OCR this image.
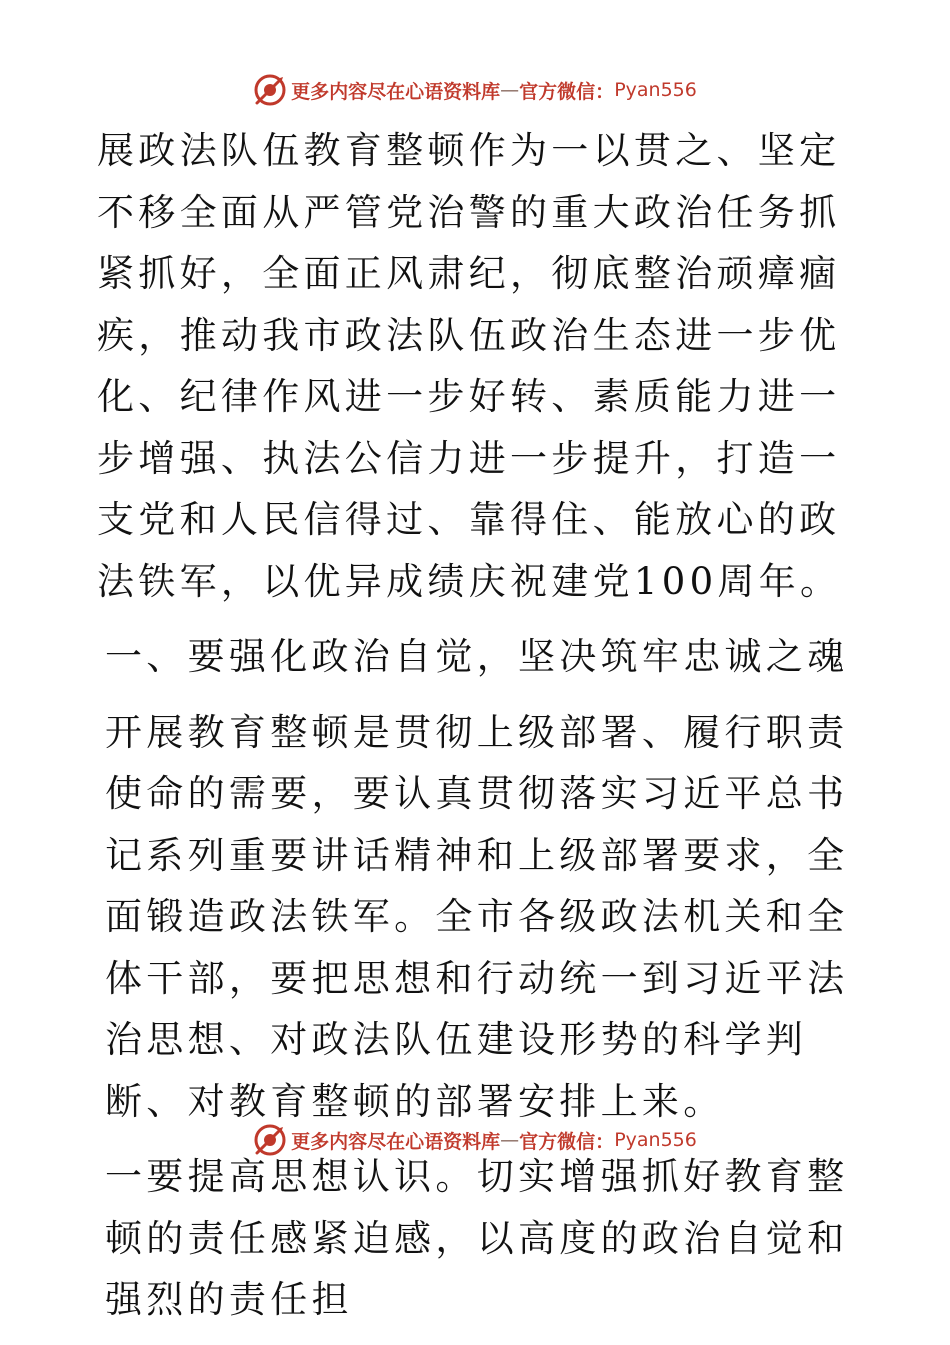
更多内容尽在心语资料库 — 官方微信： Pyan556

展政法队伍教育整顿作为一以贯之、坚定不移全面从严管党治警的重大政治任务抓紧抓好，全面正风肃纪，彻底整治顽瘴痼疾，推动我市政法队伍政治生态进一步优化、纪律作风进一步好转、素质能力进一步增强、执法公信力进一步提升，打造一支党和人民信得过、靠得住、能放心的政法铁军，以优异成绩庆祝建党100周年。

一、要强化政治自觉，坚决筑牢忠诚之魂

开展教育整顿是贯彻上级部署、履行职责使命的需要，要认真贯彻落实习近平总书记系列重要讲话精神和上级部署要求，全面锻造政法铁军。全市各级政法机关和全体干部，要把思想和行动统一到习近平法治思想、对政法队伍建设形势的科学判断、对教育整顿的部署安排上来。

一要提高思想认识。切实增强抓好教育整顿的责任感紧迫感，以高度的政治自觉和强烈的责任担

更多内容尽在心语资料库 — 官方微信： Pyan556
